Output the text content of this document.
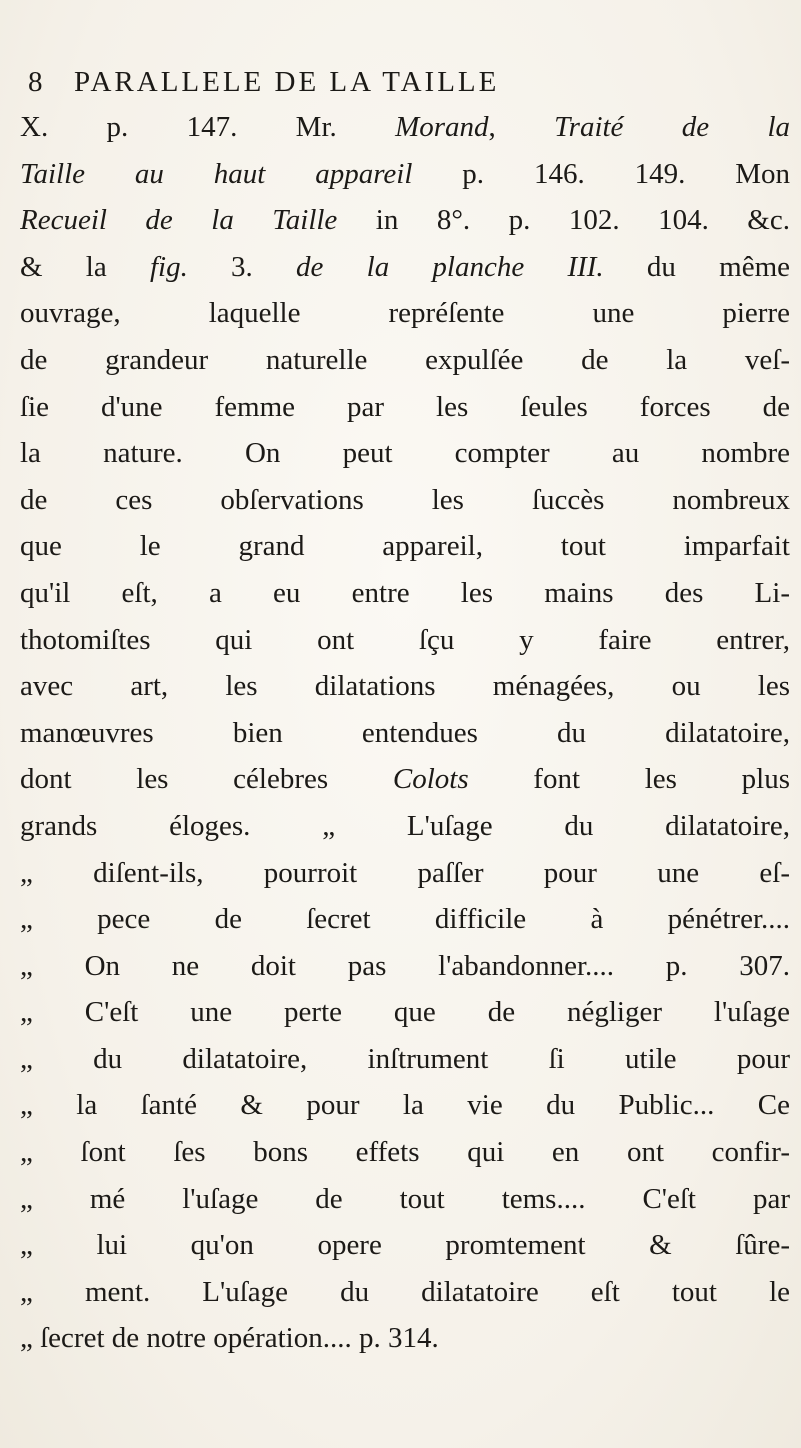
8 PARALLELE DE LA TAILLE
X. p. 147. Mr. Morand, Traité de la
Taille au haut appareil p. 146. 149. Mon
Recueil de la Taille in 8°. p. 102. 104. &c.
& la fig. 3. de la planche III. du même
ouvrage, laquelle repréſente une pierre
de grandeur naturelle expulſée de la veſ-
ſie d'une femme par les ſeules forces de
la nature. On peut compter au nombre
de ces obſervations les ſuccès nombreux
que le grand appareil, tout imparfait
qu'il eſt, a eu entre les mains des Li-
thotomiſtes qui ont ſçu y faire entrer,
avec art, les dilatations ménagées, ou les
manœuvres bien entendues du dilatatoire,
dont les célebres Colots font les plus
grands éloges. „ L'uſage du dilatatoire,
„ diſent-ils, pourroit paſſer pour une eſ-
„ pece de ſecret difficile à pénétrer....
„ On ne doit pas l'abandonner.... p. 307.
„ C'eſt une perte que de négliger l'uſage
„ du dilatatoire, inſtrument ſi utile pour
„ la ſanté & pour la vie du Public... Ce
„ ſont ſes bons effets qui en ont confir-
„ mé l'uſage de tout tems.... C'eſt par
„ lui qu'on opere promtement & ſûre-
„ ment. L'uſage du dilatatoire eſt tout le
„ ſecret de notre opération.... p. 314.
